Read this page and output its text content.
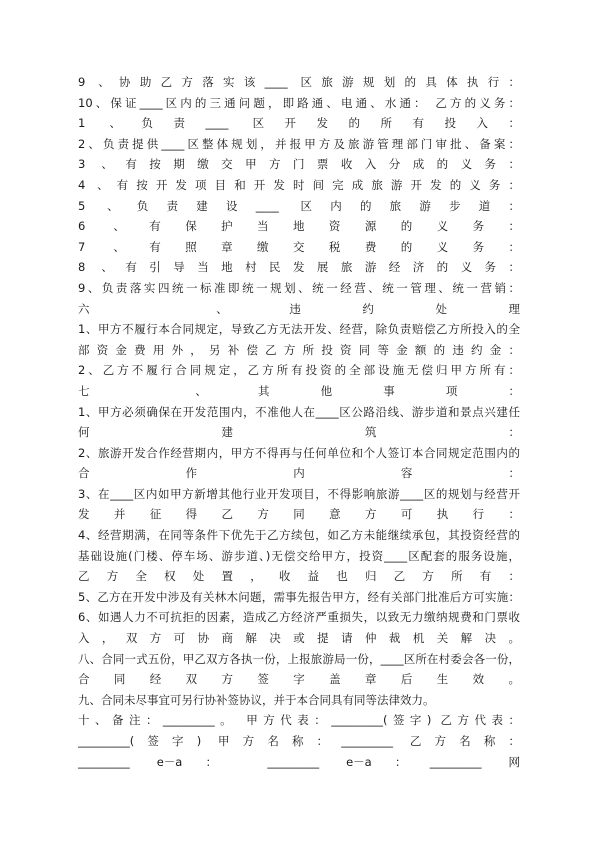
9 、协助乙方落实该____ 区旅游规划的具体执行：
10、保证____区内的三通问题，即路通、电通、水通： 乙方的义务：
1 、负责____ 区开发的所有投入：
2、负责提供____区整体规划，并报甲方及旅游管理部门审批、备案：
3 、有按期缴交甲方门票收入分成的义务：
4 、有按开发项目和开发时间完成旅游开发的义务：
5 、负责建设____ 区内的旅游步道：
6 、有保护当地资源的义务：
7 、有照章缴交税费的义务：
8 、有引导当地村民发展旅游经济的义务：
9、负责落实四统一标准即统一规划、统一经营、统一管理、统一营销：
六 、违约处理
1、甲方不履行本合同规定，导致乙方无法开发、经营，除负责赔偿乙方所投入的全
部资金费用外，另补偿乙方所投资同等金额的违约金：
2、乙方不履行合同规定，乙方所有投资的全部设施无偿归甲方所有：
七 、其他事项：
1、甲方必须确保在开发范围内，不准他人在____区公路沿线、游步道和景点兴建任
何建筑：
2、旅游开发合作经营期内，甲方不得再与任何单位和个人签订本合同规定范围内的
合作内容：
3、在____区内如甲方新增其他行业开发项目，不得影响旅游____区的规划与经营开
发并征得乙方同意方可执行：
4、经营期满，在同等条件下优先于乙方续包，如乙方未能继续承包，其投资经营的
基础设施(门楼、停车场、游步道、)无偿交给甲方，投资____区配套的服务设施，
乙方全权处置，收益也归乙方所有：
5、乙方在开发中涉及有关林木问题，需事先报告甲方，经有关部门批准后方可实施：
6、如遇人力不可抗拒的因素，造成乙方经济严重损失，以致无力缴纳规费和门票收
入，双方可协商解决或提请仲裁机关解决。
八、合同一式五份，甲乙双方各执一份，上报旅游局一份，____区所在村委会各一份，
合同经双方签字盖章后生效。
九、合同未尽事宜可另行协补签协议，并于本合同具有同等法律效力。
十、备注：_________。 甲方代表：_________(签字) 乙方代表：
_________(签字) 甲方名称：_________ 乙方名称：
_________ e－a： _________ e－a：_________ 网
